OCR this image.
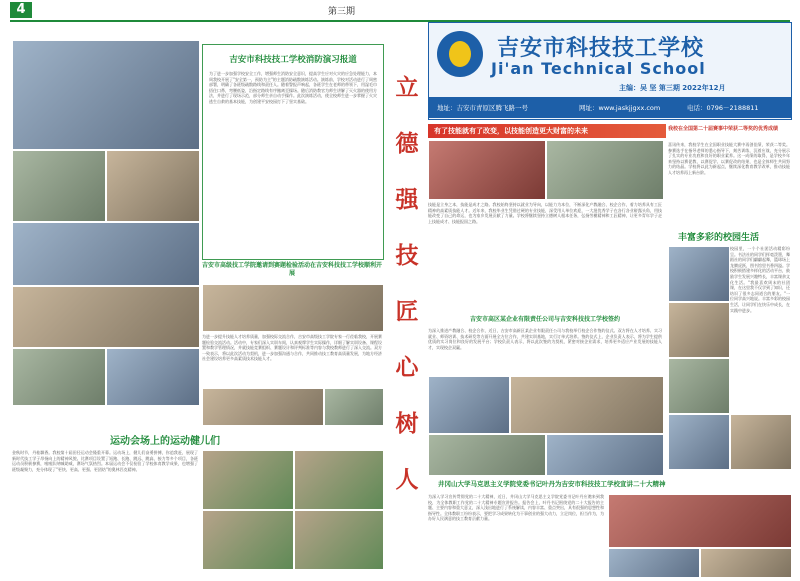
4	第三期
吉安市科技技工学校消防演习报道
为了进一步加强学校安全工作，增强师生消防安全意识，提高学生应对火灾的应急处理能力，本周我校开展了"安全第一，预防为主"的主题消防疏散演练活动。演练前，学校对活动进行了周密部署，明确了各班级疏散路线和责任人。随着警报声响起，各班学生在老师的带领下，用湿毛巾捂住口鼻，弯腰低姿，沿指定路线有序撤离至操场。随后消防教官为师生讲解了灭火器的使用方法，并进行了现场示范，部分师生亲自动手操作。此次演练活动，使全校师生进一步掌握了火灾逃生自救的基本技能，为创建平安校园打下了坚实基础。
吉安市高级技工学院邀请到赛题检验活动在吉安科技技工学校顺利开展
为进一步提升技能人才培养质量，加强校际交流合作，吉安市高级技工学院专家一行莅临我校，开展赛题检验交流活动。活动中，专家们深入实训车间，认真观摩学生实际操作，详细了解实训设备、课程设置和教学管理情况，并就技能竞赛组织、赛题设计和评判标准等内容与我校教师进行了深入交流。双方一致表示，将以此次活动为契机，进一步加强沟通与合作，共同推动技工教育高质量发展，为地方经济社会建设培养更多高素质技术技能人才。
运动会场上的运动健儿们
金秋时节，丹桂飘香。我校第十届田径运动会隆重开幕。运动场上，健儿们奋勇拼搏，你追我赶，展现了新时代技工学子昂扬向上的精神风貌。比赛项目设置了短跑、长跑、跳远、跳高、接力等多个项目，各班运动员积极参赛，啦啦队呐喊助威，赛场气氛热烈。本届运动会不仅检验了学校体育教学成果，也增强了班级凝聚力，充分体现了"更快、更高、更强、更团结"的奥林匹克精神。
立
德
强
技
匠
心
树
人
吉安市科技技工学校
Ji'an Technical School
主编：吴 坚 第三期 2022年12月
地址：吉安市青原区腾飞路一号	网址：www.jaskjjgxx.com	电话：0796－2188811
有了技能就有了改变，以技能创造更大财富的未来
技能是立身之本，技能是成才之路。我校始终坚持以就业为导向，以能力为本位，不断深化产教融合、校企合作，着力培养具有工匠精神的高素质技能人才。近年来，我校毕业生凭借过硬的专业技能，深受用人单位欢迎，一大批优秀学子在各行各业崭露头角，用技能改变了自己的命运，也为家乡发展贡献了力量。学校将继续坚持立德树人根本任务，弘扬劳模精神和工匠精神，让更多青年学子走上技能成才、技能报国之路。
我校在全国第二十届赛事中荣获二等奖的优秀成绩
喜讯传来，我校学生在全国职业技能大赛中再创佳绩，荣获二等奖。参赛选手在指导老师的悉心指导下，刻苦训练，沉着应战，充分展示了扎实的专业功底和良好的职业素养。这一成绩的取得，是学校多年来坚持以赛促教、以赛促学、以赛促改的结果，也是全体师生共同努力的结晶。学校将以此为新起点，继续深化教育教学改革，推动技能人才培养再上新台阶。
丰富多彩的校园生活
校园里，一个个社团活动精彩纷呈。书法社的同学们挥毫泼墨，舞蹈社的同学们翩翩起舞，篮球场上龙腾虎跃，图书馆里书香四溢。学校积极搭建多样化的活动平台，鼓励学生发展兴趣特长，丰富课余文化生活。"我最喜欢周末的社团课，在这里我不仅学到了知识，还结识了很多志同道合的朋友。"一位同学高兴地说。丰富多彩的校园生活，让同学们在快乐中成长，在实践中进步。
吉安市高区某企业有限责任公司与吉安科技技工学校签约
为深入推进产教融合、校企合作，近日，吉安市高新区某企业有限责任公司与我校举行校企合作签约仪式。双方将在人才培养、实习就业、师资培训、技术研发等方面开展全方位合作，共建实训基地，实行订单式培养。签约仪式上，企业负责人表示，将为学生提供优质的实习岗位和良好的发展平台；学校负责人表示，将以此次签约为契机，紧密对接企业需求，培养更多适应产业发展的技能人才，实现校企双赢。
井冈山大学马克思主义学院党委书记叶丹为吉安市科技技工学校宣讲二十大精神
为深入学习宣传贯彻党的二十大精神，近日，井冈山大学马克思主义学院党委书记叶丹应邀来到我校，为全体教职工作党的二十大精神专题宣讲报告。报告会上，叶丹书记围绕党的二十大报告的主题、主要内容和重大意义，深入浅出地进行了系统解读，内容丰富、重点突出，具有很强的思想性和指导性。全体教职工纷纷表示，要把学习成果转化为干事创业的强大动力，立足岗位，担当作为，为办好人民满意的技工教育贡献力量。
